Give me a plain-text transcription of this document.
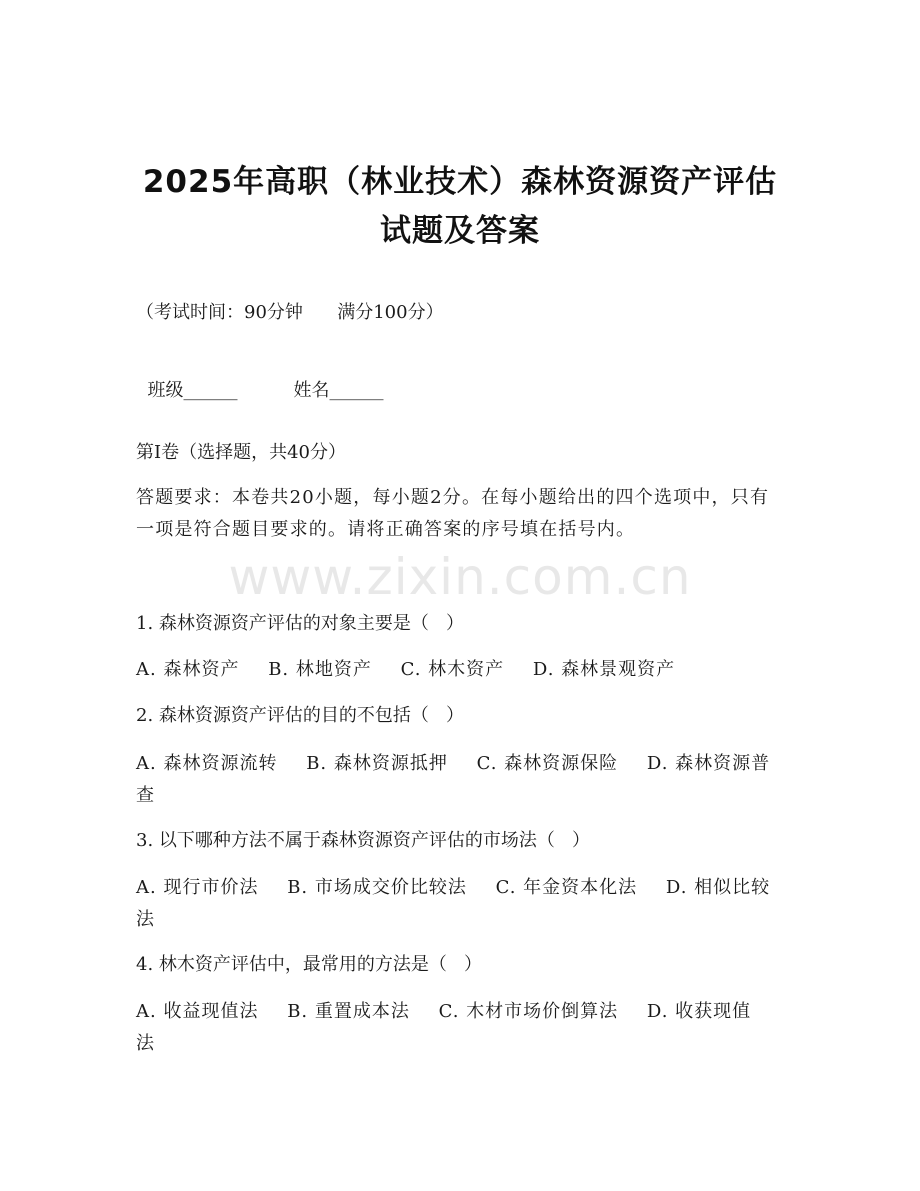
2025年高职（林业技术）森林资源资产评估
试题及答案
（考试时间：90分钟      满分100分）

班级______	姓名______

第I卷（选择题，共40分）
答题要求：本卷共20小题，每小题2分。在每小题给出的四个选项中，只有一项是符合题目要求的。请将正确答案的序号填在括号内。
www.zixin.com.cn
1. 森林资源资产评估的对象主要是（   ）
A. 森林资产 B. 林地资产 C. 林木资产 D. 森林景观资产
2. 森林资源资产评估的目的不包括（   ）
A. 森林资源流转 B. 森林资源抵押 C. 森林资源保险 D. 森林资源普查
3. 以下哪种方法不属于森林资源资产评估的市场法（   ）
A. 现行市价法 B. 市场成交价比较法 C. 年金资本化法 D. 相似比较法
4. 林木资产评估中，最常用的方法是（   ）
A. 收益现值法 B. 重置成本法 C. 木材市场价倒算法 D. 收获现值法
